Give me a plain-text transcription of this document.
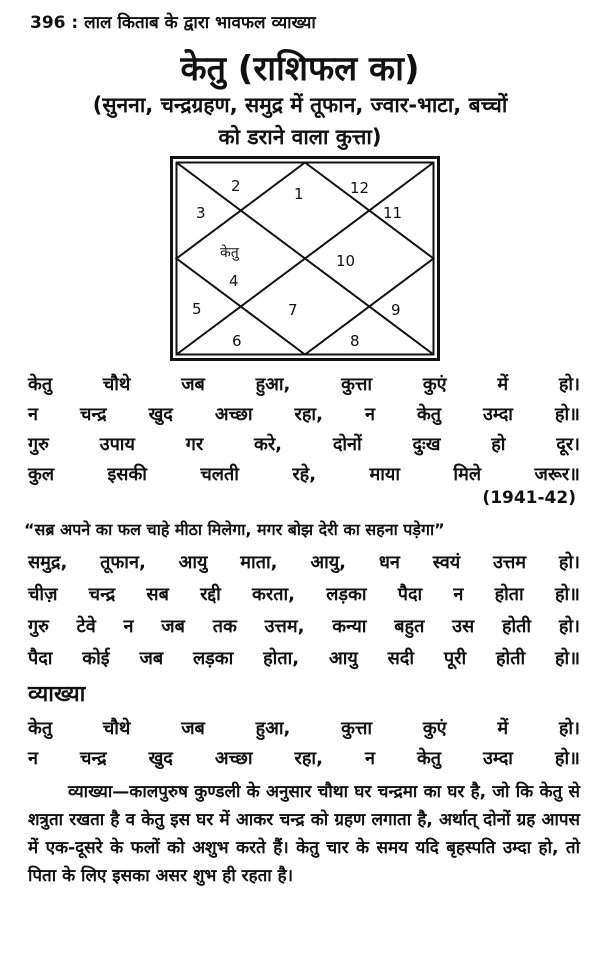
396 : लाल किताब के द्वारा भावफल व्याख्या
केतु (राशिफल का)
(सुनना, चन्द्रग्रहण, समुद्र में तूफान, ज्वार-भाटा, बच्चों
को डराने वाला कुत्ता)
1
2
3
4
5
6
7
8
9
10
11
12
केतु
केतु	चौथे	जब	हुआ,	कुत्ता	कुएं	में	हो।
न चन्द्र खुद अच्छा रहा, न केतु उम्दा हो॥
गुरु	उपाय	गर	करे,	दोनों	दुःख	हो	दूर।
कुल	इसकी	चलती	रहे,	माया	मिले	जरूर॥
(1941-42)
“सब्र अपने का फल चाहे मीठा मिलेगा, मगर बोझ देरी का सहना पड़ेगा”
समुद्र, तूफान, आयु माता, आयु, धन स्वयं उत्तम हो।
चीज़ चन्द्र सब रद्दी करता, लड़का पैदा न होता हो॥
गुरु टेवे न जब तक उत्तम, कन्या बहुत उस होती हो।
पैदा कोई जब लड़का होता, आयु सदी पूरी होती हो॥
व्याख्या
केतु	चौथे	जब	हुआ,	कुत्ता	कुएं	में	हो।
न चन्द्र खुद अच्छा रहा, न केतु उम्दा हो॥

व्याख्या—कालपुरुष कुण्डली के अनुसार चौथा घर चन्द्रमा का घर है, जो कि केतु से शत्रुता रखता है व केतु इस घर में आकर चन्द्र को ग्रहण लगाता है, अर्थात् दोनों ग्रह आपस में एक-दूसरे के फलों को अशुभ करते हैं। केतु चार के समय यदि बृहस्पति उम्दा हो, तो पिता के लिए इसका असर शुभ ही रहता है।
